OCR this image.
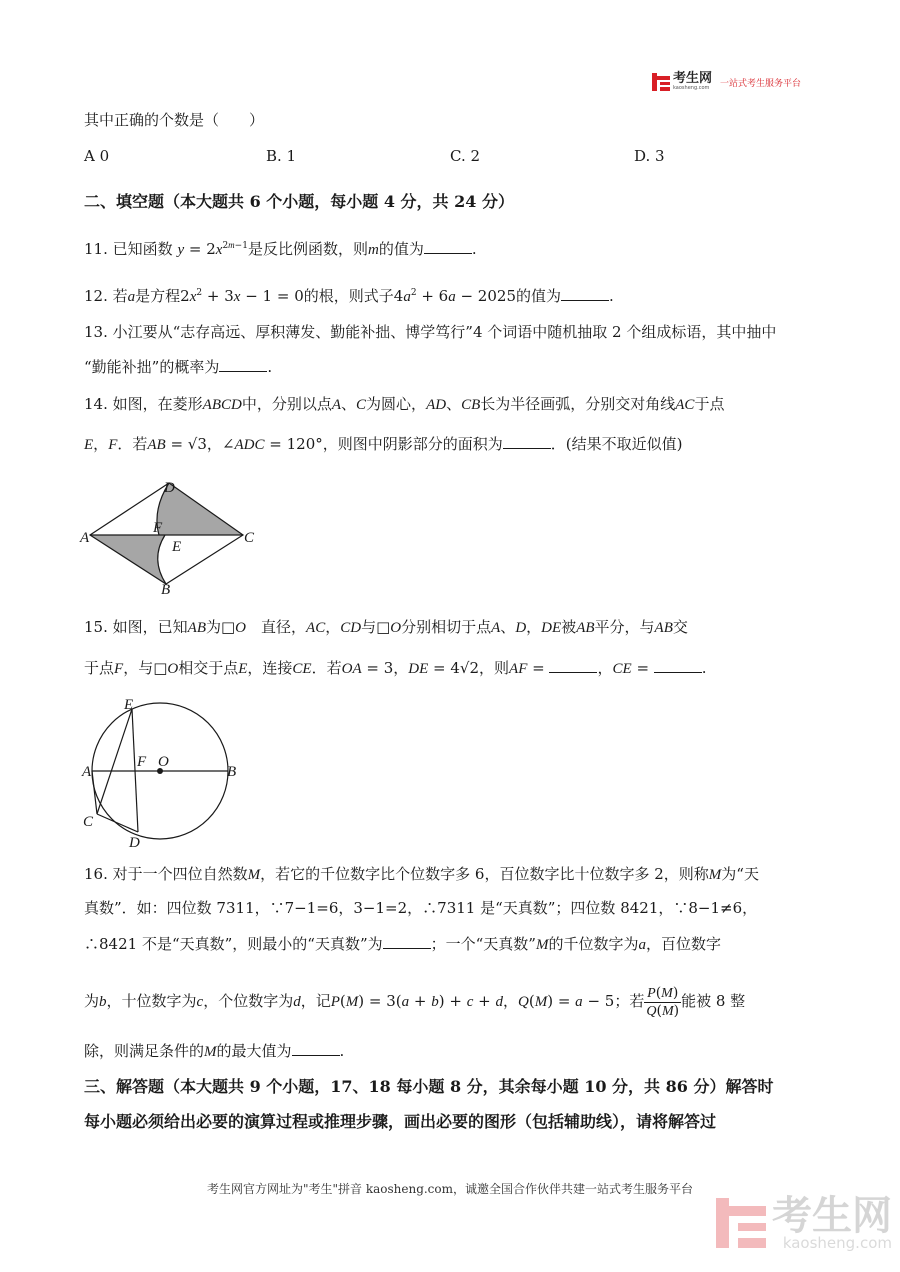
考生网
kaosheng.com 一站式考生服务平台
其中正确的个数是（　　）
A 0	B. 1	C. 2	D. 3
二、填空题（本大题共 6 个小题，每小题 4 分，共 24 分）
11. 已知函数 $y = 2x^{2m-1}$是反比例函数，则m的值为	.
12. 若a是方程$2x^2 + 3x - 1 = 0$的根，则式子$4a^2 + 6a - 2025$的值为	.
13. 小江要从“志存高远、厚积薄发、勤能补拙、博学笃行”4 个词语中随机抽取 2 个组成标语，其中抽中
“勤能补拙”的概率为	.
14. 如图，在菱形ABCD中，分别以点A、C为圆心，AD、CB长为半径画弧，分别交对角线AC于点
E，F．若AB = √3，∠ADC = 120°，则图中阴影部分的面积为	．(结果不取近似值)
D
A
F
E
C
B
15. 如图，已知AB为□O　 直径，AC，CD与□O分别相切于点A、D，DE被AB平分，与AB交
于点F，与□O相交于点E，连接CE．若OA = 3，DE = 4√2，则AF =	，CE =	.
E
A
F O
B
C
D
16. 对于一个四位自然数M，若它的千位数字比个位数字多 6，百位数字比十位数字多 2，则称M为“天
真数”．如：四位数 7311，∵7−1=6，3−1=2，∴7311 是“天真数”；四位数 8421，∵8−1≠6，
∴8421 不是“天真数”，则最小的“天真数”为	；一个“天真数”M的千位数字为a，百位数字
为b，十位数字为c，个位数字为d，记P(M) = 3(a + b) + c + d，Q(M) = a − 5；若 $\frac{P(M)}{Q(M)}$ 能被 8 整
除，则满足条件的M的最大值为	.
三、解答题（本大题共 9 个小题，17、18 每小题 8 分，其余每小题 10 分，共 86 分）解答时
每小题必须给出必要的演算过程或推理步骤，画出必要的图形（包括辅助线），请将解答过
考生网官方网址为"考生"拼音 kaosheng.com，诚邀全国合作伙伴共建一站式考生服务平台
考生网
kaosheng.com
